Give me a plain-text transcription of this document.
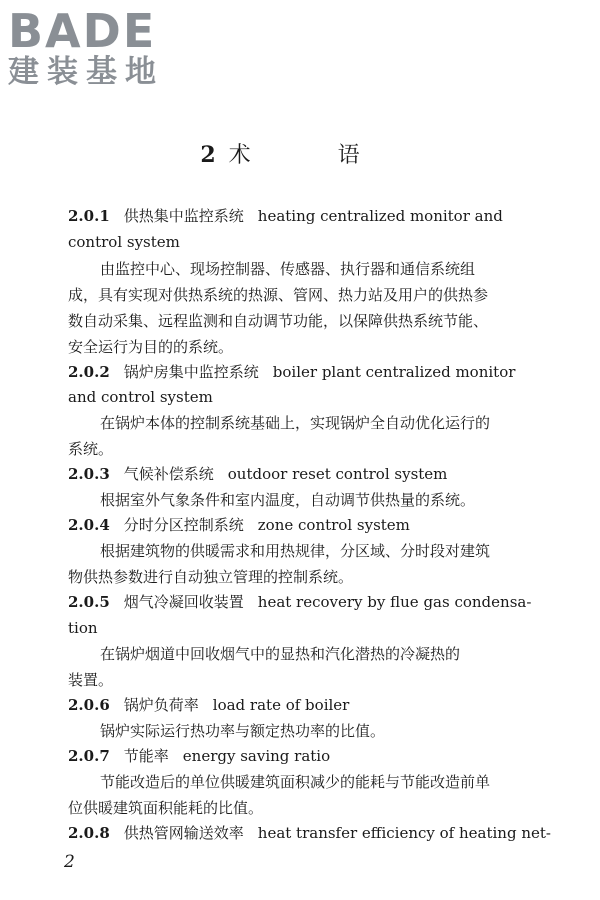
BADE
建装基地
2 术 语
2.0.1 供热集中监控系统 heating centralized monitor and
control system
由监控中心、现场控制器、传感器、执行器和通信系统组
成，具有实现对供热系统的热源、管网、热力站及用户的供热参
数自动采集、远程监测和自动调节功能，以保障供热系统节能、
安全运行为目的的系统。
2.0.2 锅炉房集中监控系统 boiler plant centralized monitor
and control system
在锅炉本体的控制系统基础上，实现锅炉全自动优化运行的
系统。
2.0.3 气候补偿系统 outdoor reset control system
根据室外气象条件和室内温度，自动调节供热量的系统。
2.0.4 分时分区控制系统 zone control system
根据建筑物的供暖需求和用热规律，分区域、分时段对建筑
物供热参数进行自动独立管理的控制系统。
2.0.5 烟气冷凝回收装置 heat recovery by flue gas condensa-
tion
在锅炉烟道中回收烟气中的显热和汽化潜热的冷凝热的
装置。
2.0.6 锅炉负荷率 load rate of boiler
锅炉实际运行热功率与额定热功率的比值。
2.0.7 节能率 energy saving ratio
节能改造后的单位供暖建筑面积减少的能耗与节能改造前单
位供暖建筑面积能耗的比值。
2.0.8 供热管网输送效率 heat transfer efficiency of heating net-
2
